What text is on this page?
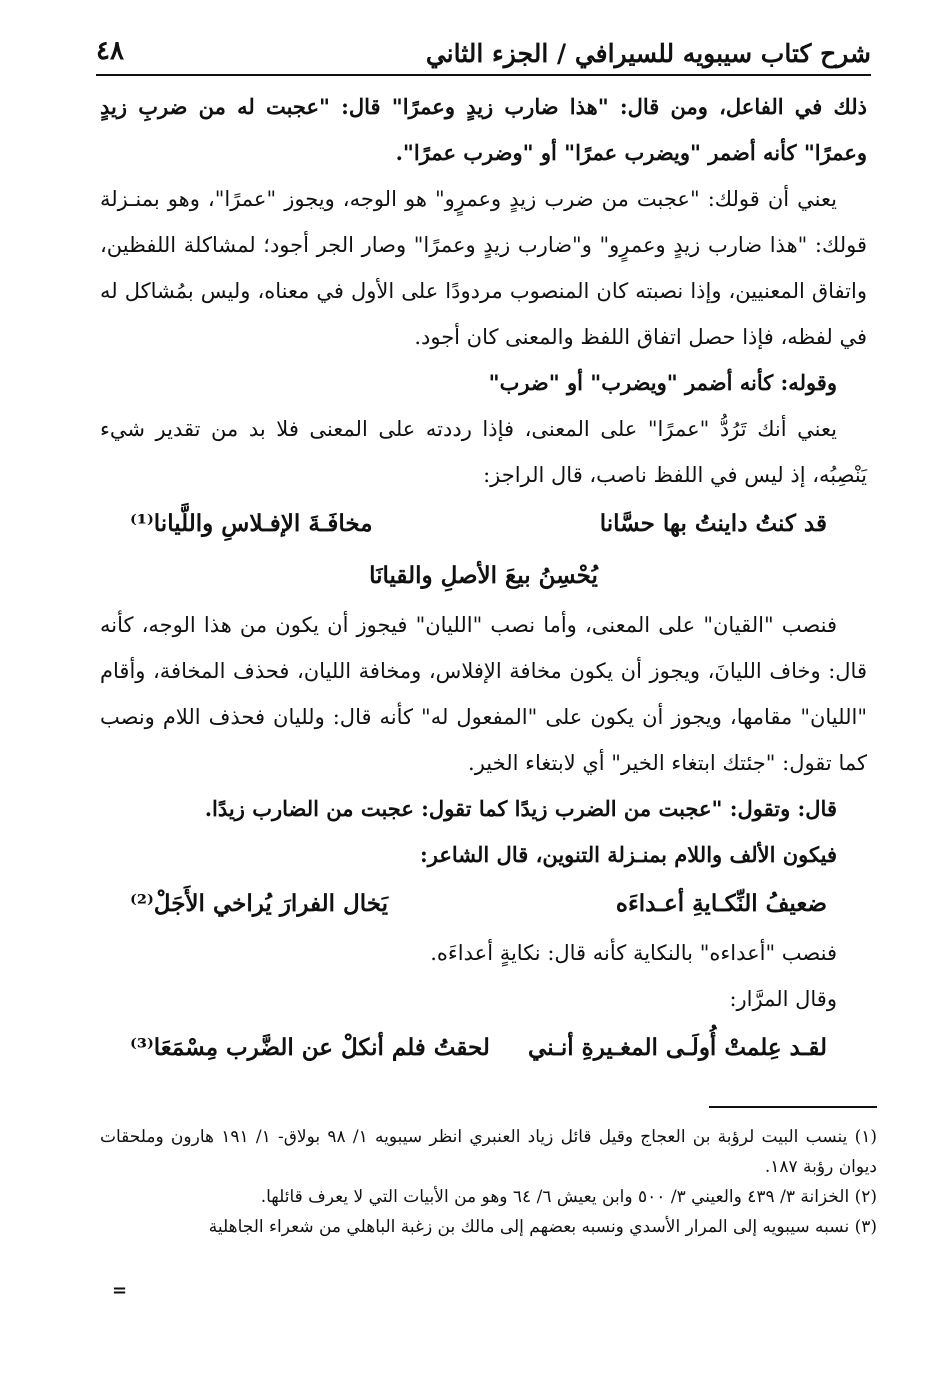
شرح كتاب سيبويه للسيرافي / الجزء الثاني
٤٨

ذلك في الفاعل، ومن قال: "هذا ضارب زيدٍ وعمرًا" قال: "عجبت له من ضربِ زيدٍ وعمرًا" كأنه أضمر "ويضرب عمرًا" أو "وضرب عمرًا".

يعني أن قولك: "عجبت من ضرب زيدٍ وعمرٍو" هو الوجه، ويجوز "عمرًا"، وهو بمنـزلة قولك: "هذا ضارب زيدٍ وعمرٍو" و"ضارب زيدٍ وعمرًا" وصار الجر أجود؛ لمشاكلة اللفظين، واتفاق المعنيين، وإذا نصبته كان المنصوب مردودًا على الأول في معناه، وليس بمُشاكل له في لفظه، فإذا حصل اتفاق اللفظ والمعنى كان أجود.

وقوله: كأنه أضمر "ويضرب" أو "ضرب"

يعني أنك تَرُدُّ "عمرًا" على المعنى، فإذا رددته على المعنى فلا بد من تقدير شيء يَنْصِبُه، إذ ليس في اللفظ ناصب، قال الراجز:

قد كنتُ داينتُ بها حسَّانا
مخافَـةَ الإفـلاسِ واللَّيانا⁽¹⁾
يُحْسِنُ بيعَ الأصلِ والقيانَا

فنصب "القيان" على المعنى، وأما نصب "الليان" فيجوز أن يكون من هذا الوجه، كأنه قال: وخاف الليانَ، ويجوز أن يكون مخافة الإفلاس، ومخافة الليان، فحذف المخافة، وأقام "الليان" مقامها، ويجوز أن يكون على "المفعول له" كأنه قال: ولليان فحذف اللام ونصب كما تقول: "جئتك ابتغاء الخير" أي لابتغاء الخير.

قال: وتقول: "عجبت من الضرب زيدًا كما تقول: عجبت من الضارب زيدًا.

فيكون الألف واللام بمنـزلة التنوين، قال الشاعر:

ضعيفُ النِّكـايةِ أعـداءَه
يَخال الفرارَ يُراخي الأَجَلْ⁽²⁾

فنصب "أعداءه" بالنكاية كأنه قال: نكايةٍ أعداءَه.

وقال المرَّار:

لقـد عِلمتْ أُولَـى المغـيرةِ أنـني
لحقتُ فلم أنكلْ عن الضَّرب مِسْمَعَا⁽³⁾

(١) ينسب البيت لرؤبة بن العجاج وقيل قائل زياد العنبري انظر سيبويه ١/ ٩٨ بولاق- ١/ ١٩١ هارون وملحقات ديوان رؤبة ١٨٧.

(٢) الخزانة ٣/ ٤٣٩ والعيني ٣/ ٥٠٠ وابن يعيش ٦/ ٦٤ وهو من الأبيات التي لا يعرف قائلها.

(٣) نسبه سيبويه إلى المرار الأسدي ونسبه بعضهم إلى مالك بن زغبة الباهلي من شعراء الجاهلية

=
